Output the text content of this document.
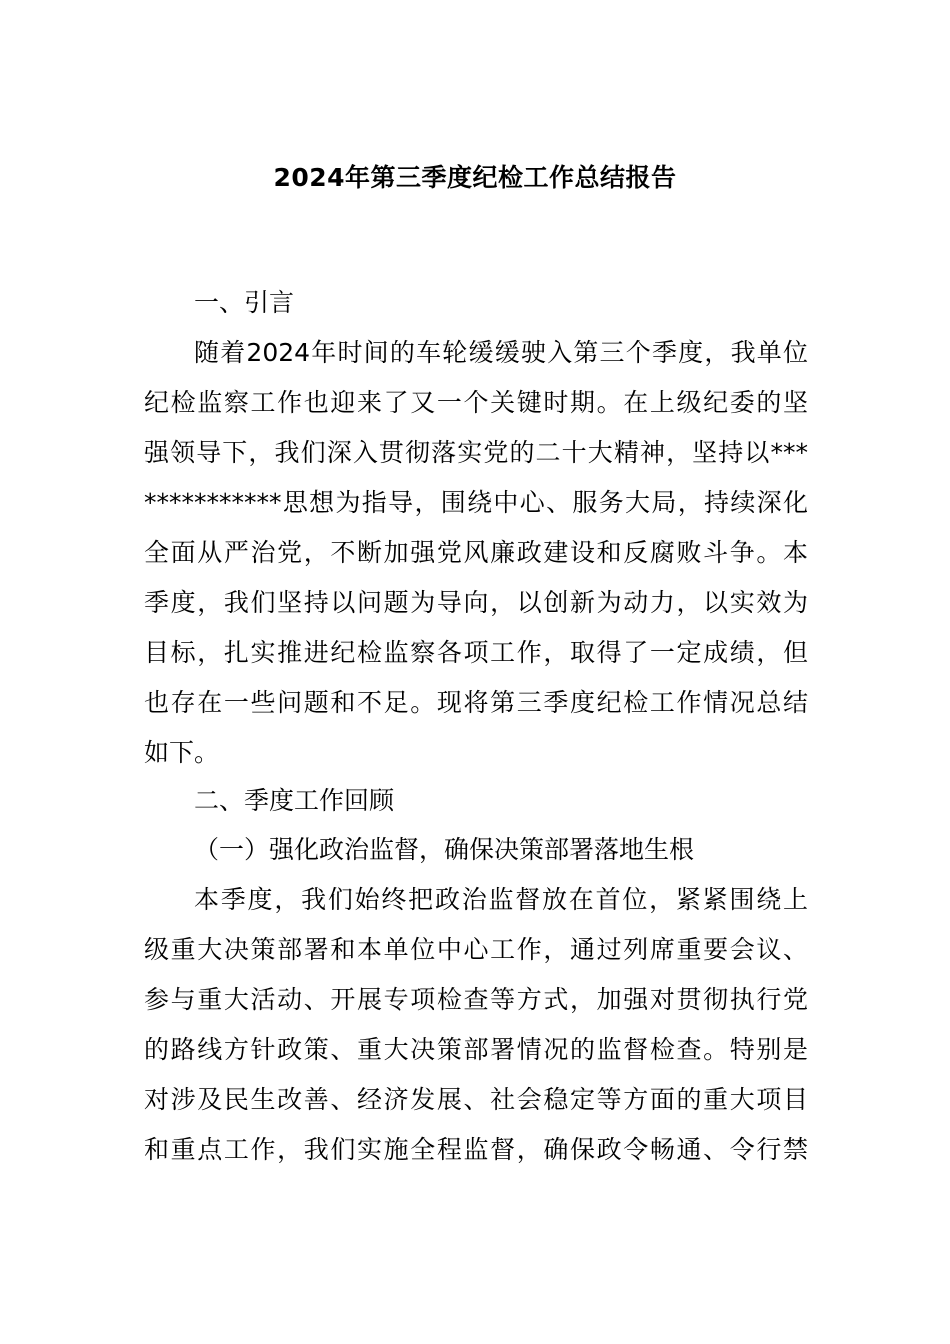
2024年第三季度纪检工作总结报告
一、引言
随着2024年时间的车轮缓缓驶入第三个季度，我单位
纪检监察工作也迎来了又一个关键时期。在上级纪委的坚
强领导下，我们深入贯彻落实党的二十大精神，坚持以***
***********思想为指导，围绕中心、服务大局，持续深化
全面从严治党，不断加强党风廉政建设和反腐败斗争。本
季度，我们坚持以问题为导向，以创新为动力，以实效为
目标，扎实推进纪检监察各项工作，取得了一定成绩，但
也存在一些问题和不足。现将第三季度纪检工作情况总结
如下。
二、季度工作回顾
（一）强化政治监督，确保决策部署落地生根
本季度，我们始终把政治监督放在首位，紧紧围绕上
级重大决策部署和本单位中心工作，通过列席重要会议、
参与重大活动、开展专项检查等方式，加强对贯彻执行党
的路线方针政策、重大决策部署情况的监督检查。特别是
对涉及民生改善、经济发展、社会稳定等方面的重大项目
和重点工作，我们实施全程监督，确保政令畅通、令行禁
